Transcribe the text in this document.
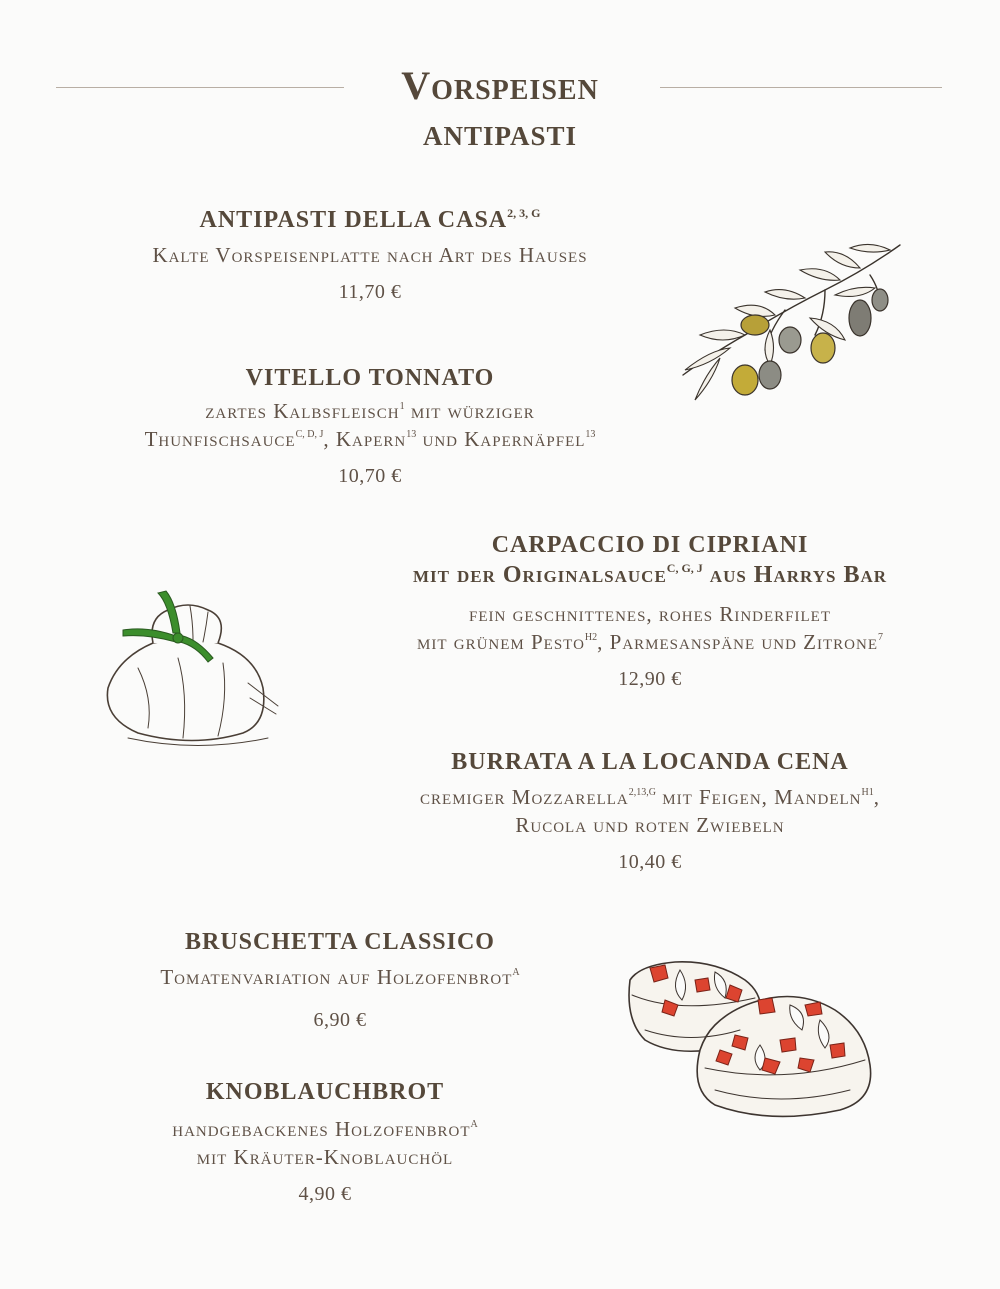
Vorspeisen
ANTIPASTI
ANTIPASTI DELLA $CASA^{2, 3, G}$
Kalte Vorspeisenplatte nach Art des Hauses
11,70 €
VITELLO TONNATO
zartes Kalbsfleisch$^1$ mit würziger
Thunfischsauce$^{C, D, J}$, Kapern$^{13}$ und Kapernäpfel$^{13}$
10,70 €
CARPACCIO DI CIPRIANI
mit der Originalsauce$^{C, G, J}$ aus Harrys Bar
fein geschnittenes, rohes Rinderfilet
mit grünem Pesto$^{H2}$, Parmesanspäne und Zitrone$^7$
12,90 €
BURRATA A LA LOCANDA CENA
cremiger Mozzarella$^{2,13,G}$ mit Feigen, Mandeln$^{H1}$,
Rucola und roten Zwiebeln
10,40 €
BRUSCHETTA CLASSICO
Tomatenvariation auf Holzofenbrot$^A$
6,90 €
KNOBLAUCHBROT
handgebackenes Holzofenbrot$^A$
mit Kräuter-Knoblauchöl
4,90 €
